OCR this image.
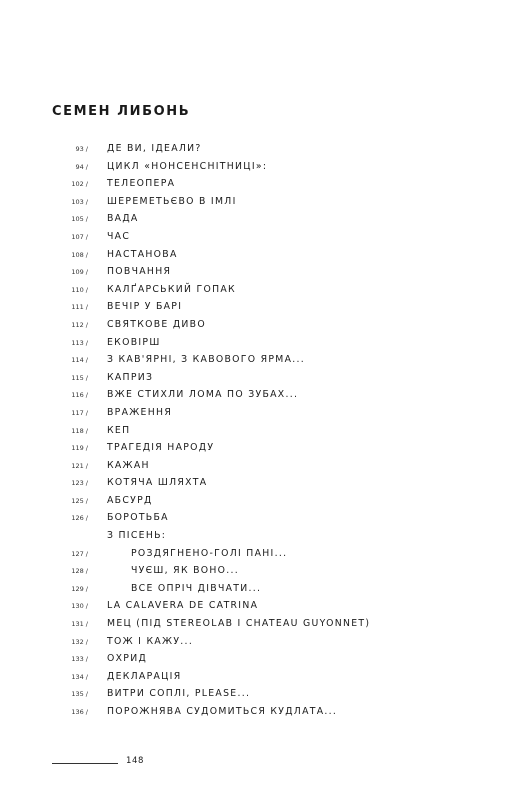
СЕМЕН ЛИБОНЬ
93 / ДЕ ВИ, ІДЕАЛИ?
94 / ЦИКЛ «НОНСЕНСНІТНИЦІ»:
102 / ТЕЛЕОПЕРА
103 / ШЕРЕМЕТЬЄВО В ІМЛІ
105 / ВАДА
107 / ЧАС
108 / НАСТАНОВА
109 / ПОВЧАННЯ
110 / КАЛҐАРСЬКИЙ ГОПАК
111 / ВЕЧІР У БАРІ
112 / СВЯТКОВЕ ДИВО
113 / ЕКОВІРШ
114 / З КАВ'ЯРНІ, З КАВОВОГО ЯРМА...
115 / КАПРИЗ
116 / ВЖЕ СТИХЛИ ЛОМА ПО ЗУБАХ...
117 / ВРАЖЕННЯ
118 / КЕП
119 / ТРАГЕДІЯ НАРОДУ
121 / КАЖАН
123 / КОТЯЧА ШЛЯХТА
125 / АБСУРД
126 / БОРОТЬБА
З ПІСЕНЬ:
127 /	РОЗДЯГНЕНО-ГОЛІ ПАНІ...
128 /	ЧУЄШ, ЯК ВОНО...
129 /	ВСЕ ОПРІЧ ДІВЧАТИ...
130 / LA CALAVERA DE CATRINA
131 / МЕЦ (ПІД STEREOLAB І CHATEAU GUYONNET)
132 / ТОЖ І КАЖУ...
133 / ОХРИД
134 / ДЕКЛАРАЦІЯ
135 / ВИТРИ СОПЛІ, PLEASE...
136 / ПОРОЖНЯВА СУДОМИТЬСЯ КУДЛАТА...
148
